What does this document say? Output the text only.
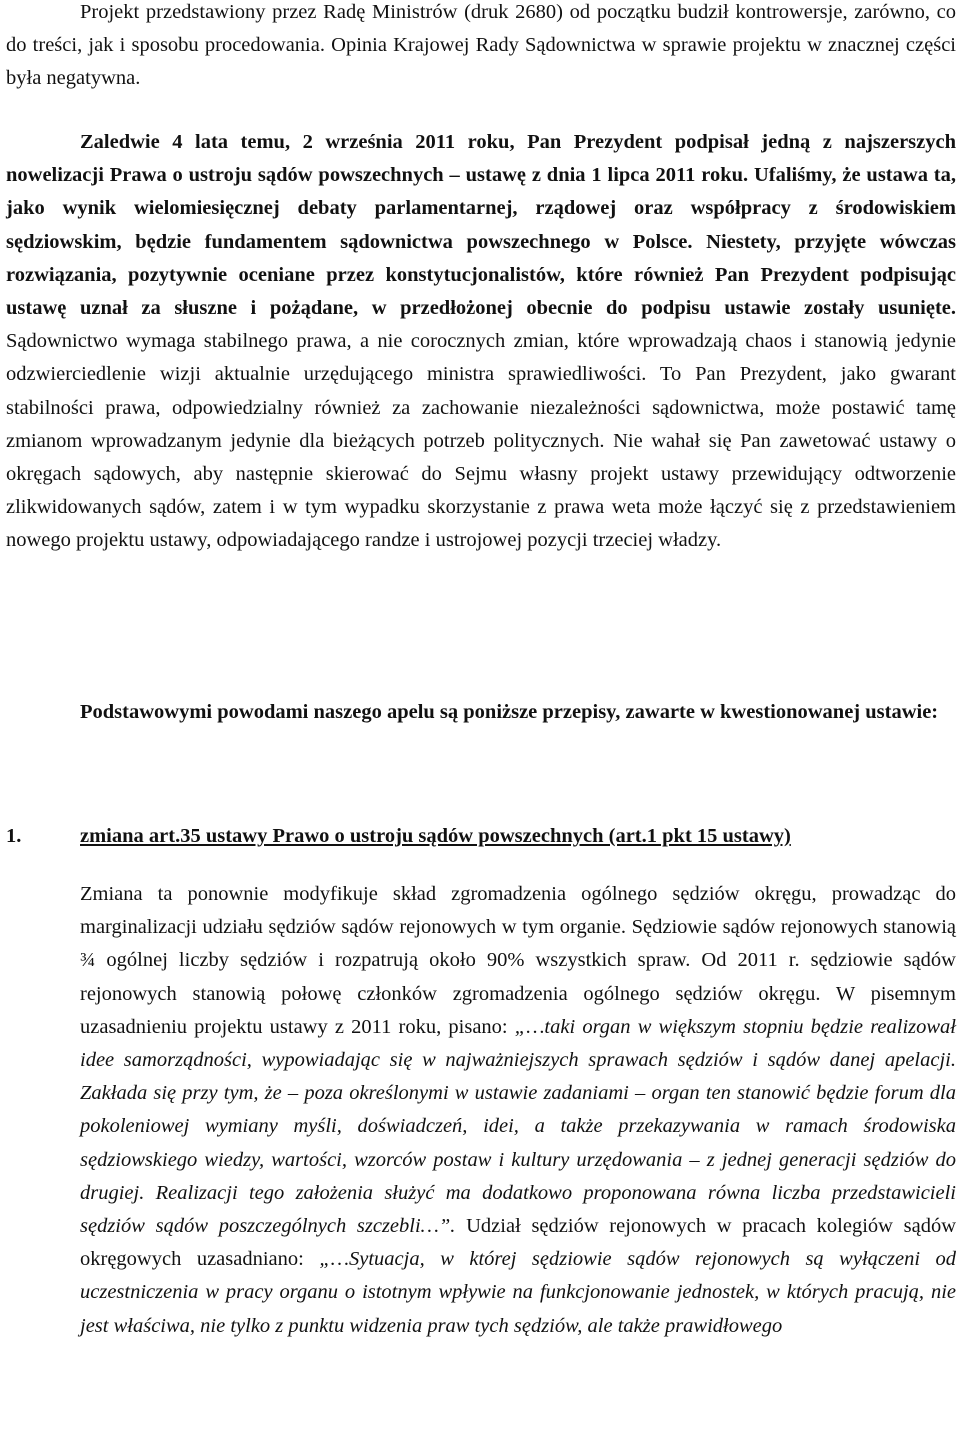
Projekt przedstawiony przez Radę Ministrów (druk 2680) od początku budził kontrowersje, zarówno, co do treści, jak i sposobu procedowania. Opinia Krajowej Rady Sądownictwa w sprawie projektu w znacznej części była negatywna.

Zaledwie 4 lata temu, 2 września 2011 roku, Pan Prezydent podpisał jedną z najszerszych nowelizacji Prawa o ustroju sądów powszechnych – ustawę z dnia 1 lipca 2011 roku. Ufaliśmy, że ustawa ta, jako wynik wielomiesięcznej debaty parlamentarnej, rządowej oraz współpracy z środowiskiem sędziowskim, będzie fundamentem sądownictwa powszechnego w Polsce. Niestety, przyjęte wówczas rozwiązania, pozytywnie oceniane przez konstytucjonalistów, które również Pan Prezydent podpisując ustawę uznał za słuszne i pożądane, w przedłożonej obecnie do podpisu ustawie zostały usunięte. Sądownictwo wymaga stabilnego prawa, a nie corocznych zmian, które wprowadzają chaos i stanowią jedynie odzwierciedlenie wizji aktualnie urzędującego ministra sprawiedliwości. To Pan Prezydent, jako gwarant stabilności prawa, odpowiedzialny również za zachowanie niezależności sądownictwa, może postawić tamę zmianom wprowadzanym jedynie dla bieżących potrzeb politycznych. Nie wahał się Pan zawetować ustawy o okręgach sądowych, aby następnie skierować do Sejmu własny projekt ustawy przewidujący odtworzenie zlikwidowanych sądów, zatem i w tym wypadku skorzystanie z prawa weta może łączyć się z przedstawieniem nowego projektu ustawy, odpowiadającego randze i ustrojowej pozycji trzeciej władzy.

Podstawowymi powodami naszego apelu są poniższe przepisy, zawarte w kwestionowanej ustawie:

1.	zmiana art.35 ustawy Prawo o ustroju sądów powszechnych (art.1 pkt 15 ustawy)

Zmiana ta ponownie modyfikuje skład zgromadzenia ogólnego sędziów okręgu, prowadząc do marginalizacji udziału sędziów sądów rejonowych w tym organie. Sędziowie sądów rejonowych stanowią ¾ ogólnej liczby sędziów i rozpatrują około 90% wszystkich spraw. Od 2011 r. sędziowie sądów rejonowych stanowią połowę członków zgromadzenia ogólnego sędziów okręgu. W pisemnym uzasadnieniu projektu ustawy z 2011 roku, pisano: „…taki organ w większym stopniu będzie realizował idee samorządności, wypowiadając się w najważniejszych sprawach sędziów i sądów danej apelacji. Zakłada się przy tym, że – poza określonymi w ustawie zadaniami – organ ten stanowić będzie forum dla pokoleniowej wymiany myśli, doświadczeń, idei, a także przekazywania w ramach środowiska sędziowskiego wiedzy, wartości, wzorców postaw i kultury urzędowania – z jednej generacji sędziów do drugiej. Realizacji tego założenia służyć ma dodatkowo proponowana równa liczba przedstawicieli sędziów sądów poszczególnych szczebli…”. Udział sędziów rejonowych w pracach kolegiów sądów okręgowych uzasadniano: „…Sytuacja, w której sędziowie sądów rejonowych są wyłączeni od uczestniczenia w pracy organu o istotnym wpływie na funkcjonowanie jednostek, w których pracują, nie jest właściwa, nie tylko z punktu widzenia praw tych sędziów, ale także prawidłowego
